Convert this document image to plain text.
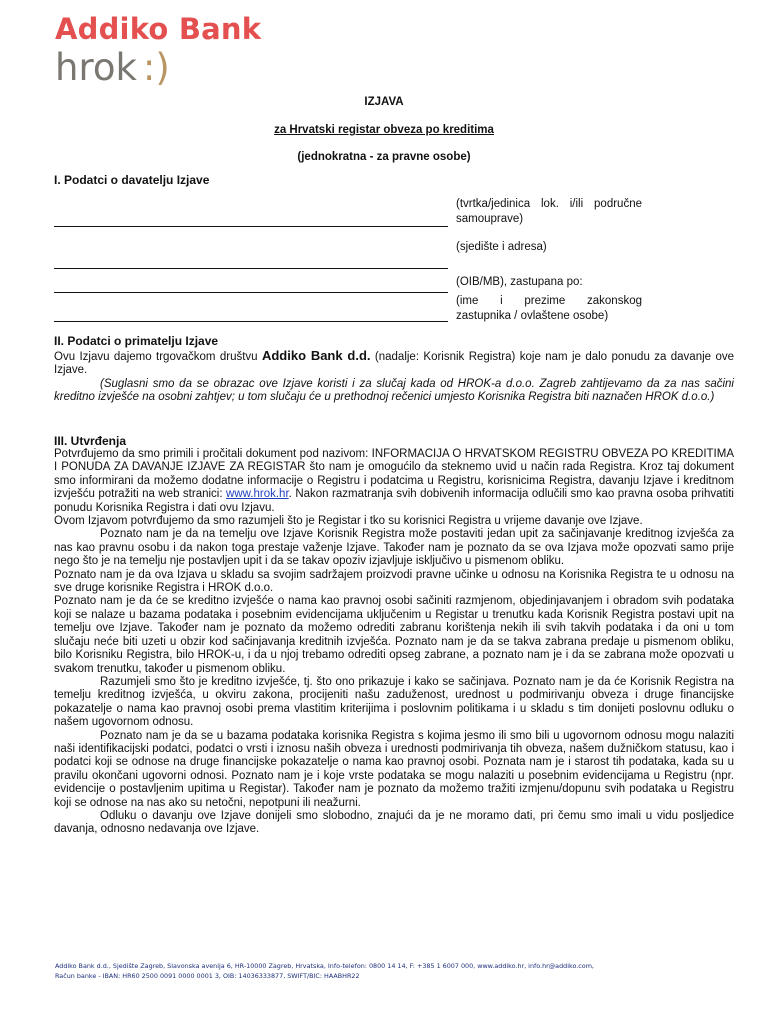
Addiko Bank
hrok :)
IZJAVA
za Hrvatski registar obveza po kreditima
(jednokratna - za pravne osobe)
I. Podatci o davatelju Izjave
(tvrtka/jedinica lok. i/ili područne samouprave)
(sjedište i adresa)
(OIB/MB), zastupana po:
(ime i prezime zakonskog zastupnika / ovlaštene osobe)
II. Podatci o primatelju Izjave

Ovu Izjavu dajemo trgovačkom društvu Addiko Bank d.d. (nadalje: Korisnik Registra) koje nam je dalo ponudu za davanje ove Izjave.

(Suglasni smo da se obrazac ove Izjave koristi i za slučaj kada od HROK-a d.o.o. Zagreb zahtijevamo da za nas sačini kreditno izvješće na osobni zahtjev; u tom slučaju će u prethodnoj rečenici umjesto Korisnika Registra biti naznačen HROK d.o.o.)

III. Utvrđenja

Potvrđujemo da smo primili i pročitali dokument pod nazivom: INFORMACIJA O HRVATSKOM REGISTRU OBVEZA PO KREDITIMA I PONUDA ZA DAVANJE IZJAVE ZA REGISTAR što nam je omogućilo da steknemo uvid u način rada Registra. Kroz taj dokument smo informirani da možemo dodatne informacije o Registru i podatcima u Registru, korisnicima Registra, davanju Izjave i kreditnom izvješću potražiti na web stranici: www.hrok.hr. Nakon razmatranja svih dobivenih informacija odlučili smo kao pravna osoba prihvatiti ponudu Korisnika Registra i dati ovu Izjavu.

Ovom Izjavom potvrđujemo da smo razumjeli što je Registar i tko su korisnici Registra u vrijeme davanje ove Izjave.

Poznato nam je da na temelju ove Izjave Korisnik Registra može postaviti jedan upit za sačinjavanje kreditnog izvješća za nas kao pravnu osobu i da nakon toga prestaje važenje Izjave. Također nam je poznato da se ova Izjava može opozvati samo prije nego što je na temelju nje postavljen upit i da se takav opoziv izjavljuje isključivo u pismenom obliku.

Poznato nam je da ova Izjava u skladu sa svojim sadržajem proizvodi pravne učinke u odnosu na Korisnika Registra te u odnosu na sve druge korisnike Registra i HROK d.o.o.

Poznato nam je da će se kreditno izvješće o nama kao pravnoj osobi sačiniti razmjenom, objedinjavanjem i obradom svih podataka koji se nalaze u bazama podataka i posebnim evidencijama uključenim u Registar u trenutku kada Korisnik Registra postavi upit na temelju ove Izjave. Također nam je poznato da možemo odrediti zabranu korištenja nekih ili svih takvih podataka i da oni u tom slučaju neće biti uzeti u obzir kod sačinjavanja kreditnih izvješća. Poznato nam je da se takva zabrana predaje u pismenom obliku, bilo Korisniku Registra, bilo HROK-u, i da u njoj trebamo odrediti opseg zabrane, a poznato nam je i da se zabrana može opozvati u svakom trenutku, također u pismenom obliku.

Razumjeli smo što je kreditno izvješće, tj. što ono prikazuje i kako se sačinjava. Poznato nam je da će Korisnik Registra na temelju kreditnog izvješća, u okviru zakona, procijeniti našu zaduženost, urednost u podmirivanju obveza i druge financijske pokazatelje o nama kao pravnoj osobi prema vlastitim kriterijima i poslovnim politikama i u skladu s tim donijeti poslovnu odluku o našem ugovornom odnosu.

Poznato nam je da se u bazama podataka korisnika Registra s kojima jesmo ili smo bili u ugovornom odnosu mogu nalaziti naši identifikacijski podatci, podatci o vrsti i iznosu naših obveza i urednosti podmirivanja tih obveza, našem dužničkom statusu, kao i podatci koji se odnose na druge financijske pokazatelje o nama kao pravnoj osobi. Poznata nam je i starost tih podataka, kada su u pravilu okončani ugovorni odnosi. Poznato nam je i koje vrste podataka se mogu nalaziti u posebnim evidencijama u Registru (npr. evidencije o postavljenim upitima u Registar). Također nam je poznato da možemo tražiti izmjenu/dopunu svih podataka u Registru koji se odnose na nas ako su netočni, nepotpuni ili neažurni.

Odluku o davanju ove Izjave donijeli smo slobodno, znajući da je ne moramo dati, pri čemu smo imali u vidu posljedice davanja, odnosno nedavanja ove Izjave.

Addiko Bank d.d., Sjedište Zagreb, Slavonska avenija 6, HR-10000 Zagreb, Hrvatska, Info-telefon: 0800 14 14, F: +385 1 6007 000, www.addiko.hr, info.hr@addiko.com,
Račun banke - IBAN: HR60 2500 0091 0000 0001 3, OIB: 14036333877, SWIFT/BIC: HAABHR22
